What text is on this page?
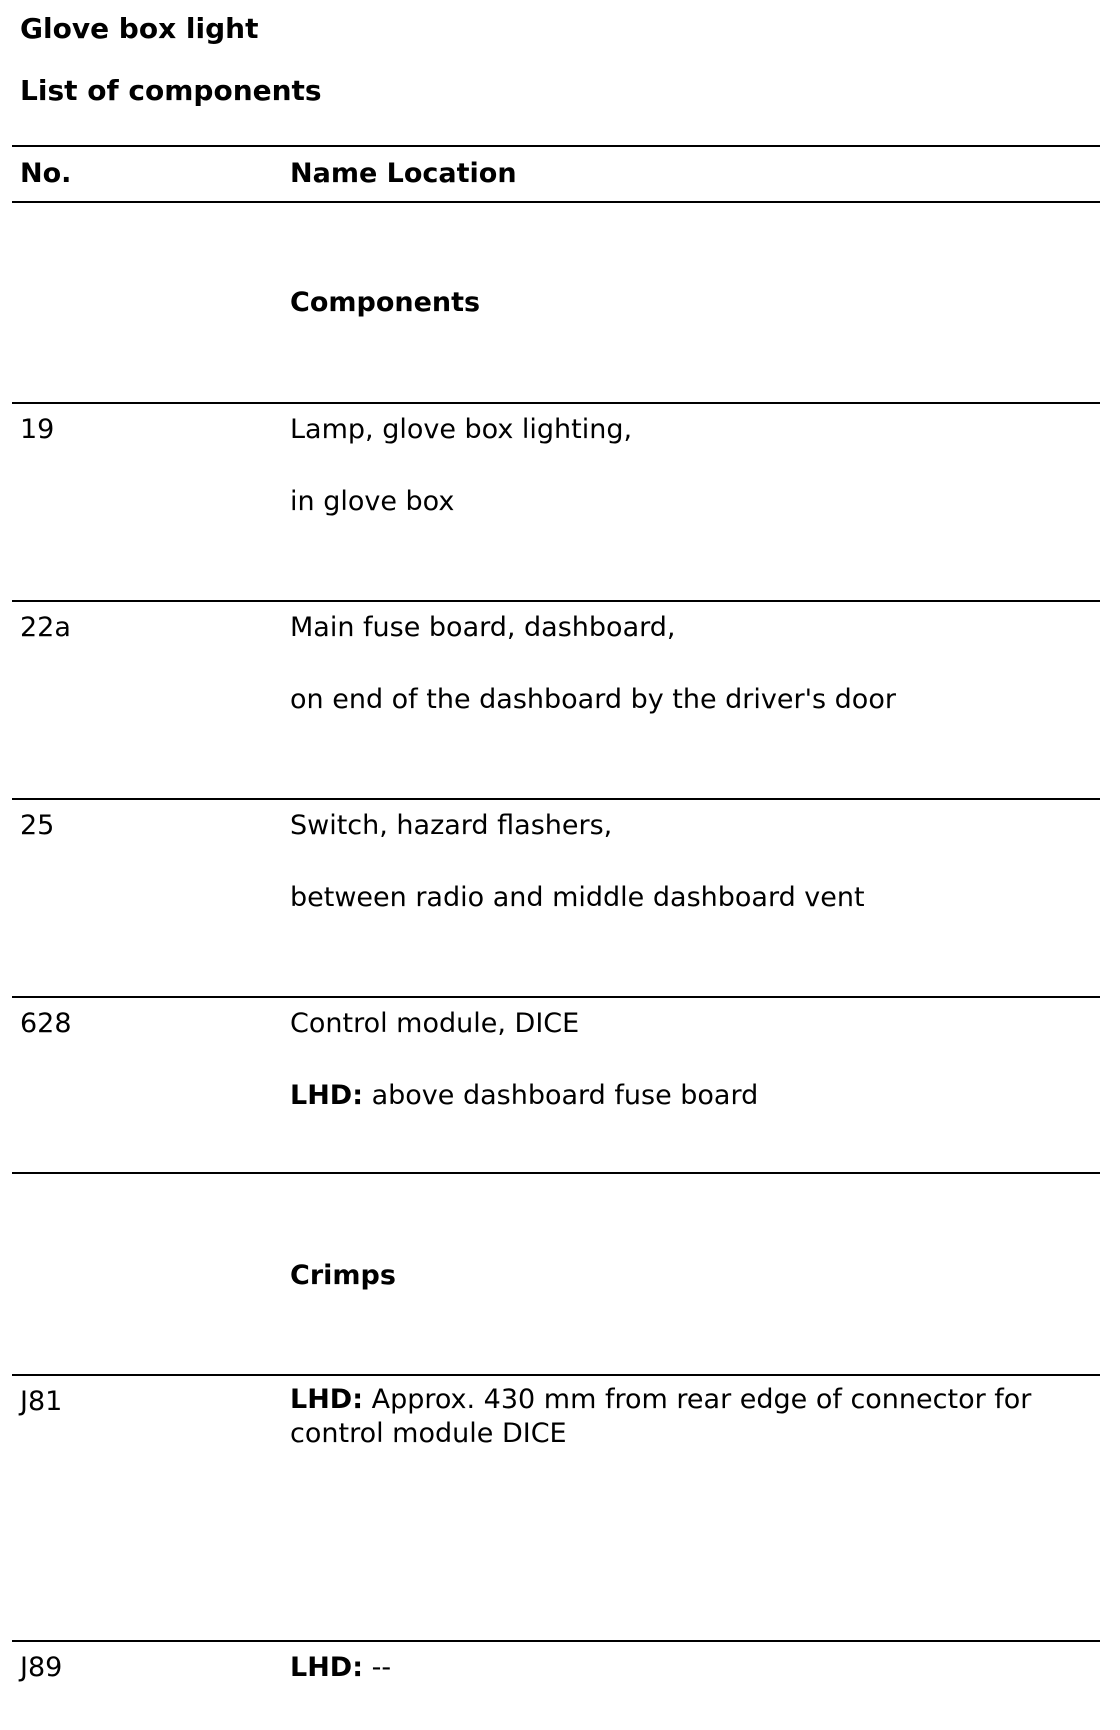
Glove box light
List of components
No.	Name Location
Components
19	Lamp, glove box lighting,
in glove box
22a	Main fuse board, dashboard,
on end of the dashboard by the driver's door
25	Switch, hazard flashers,
between radio and middle dashboard vent
628	Control module, DICE
LHD: above dashboard fuse board
Crimps
J81	LHD: Approx. 430 mm from rear edge of connector for control module DICE
J89	LHD: --
